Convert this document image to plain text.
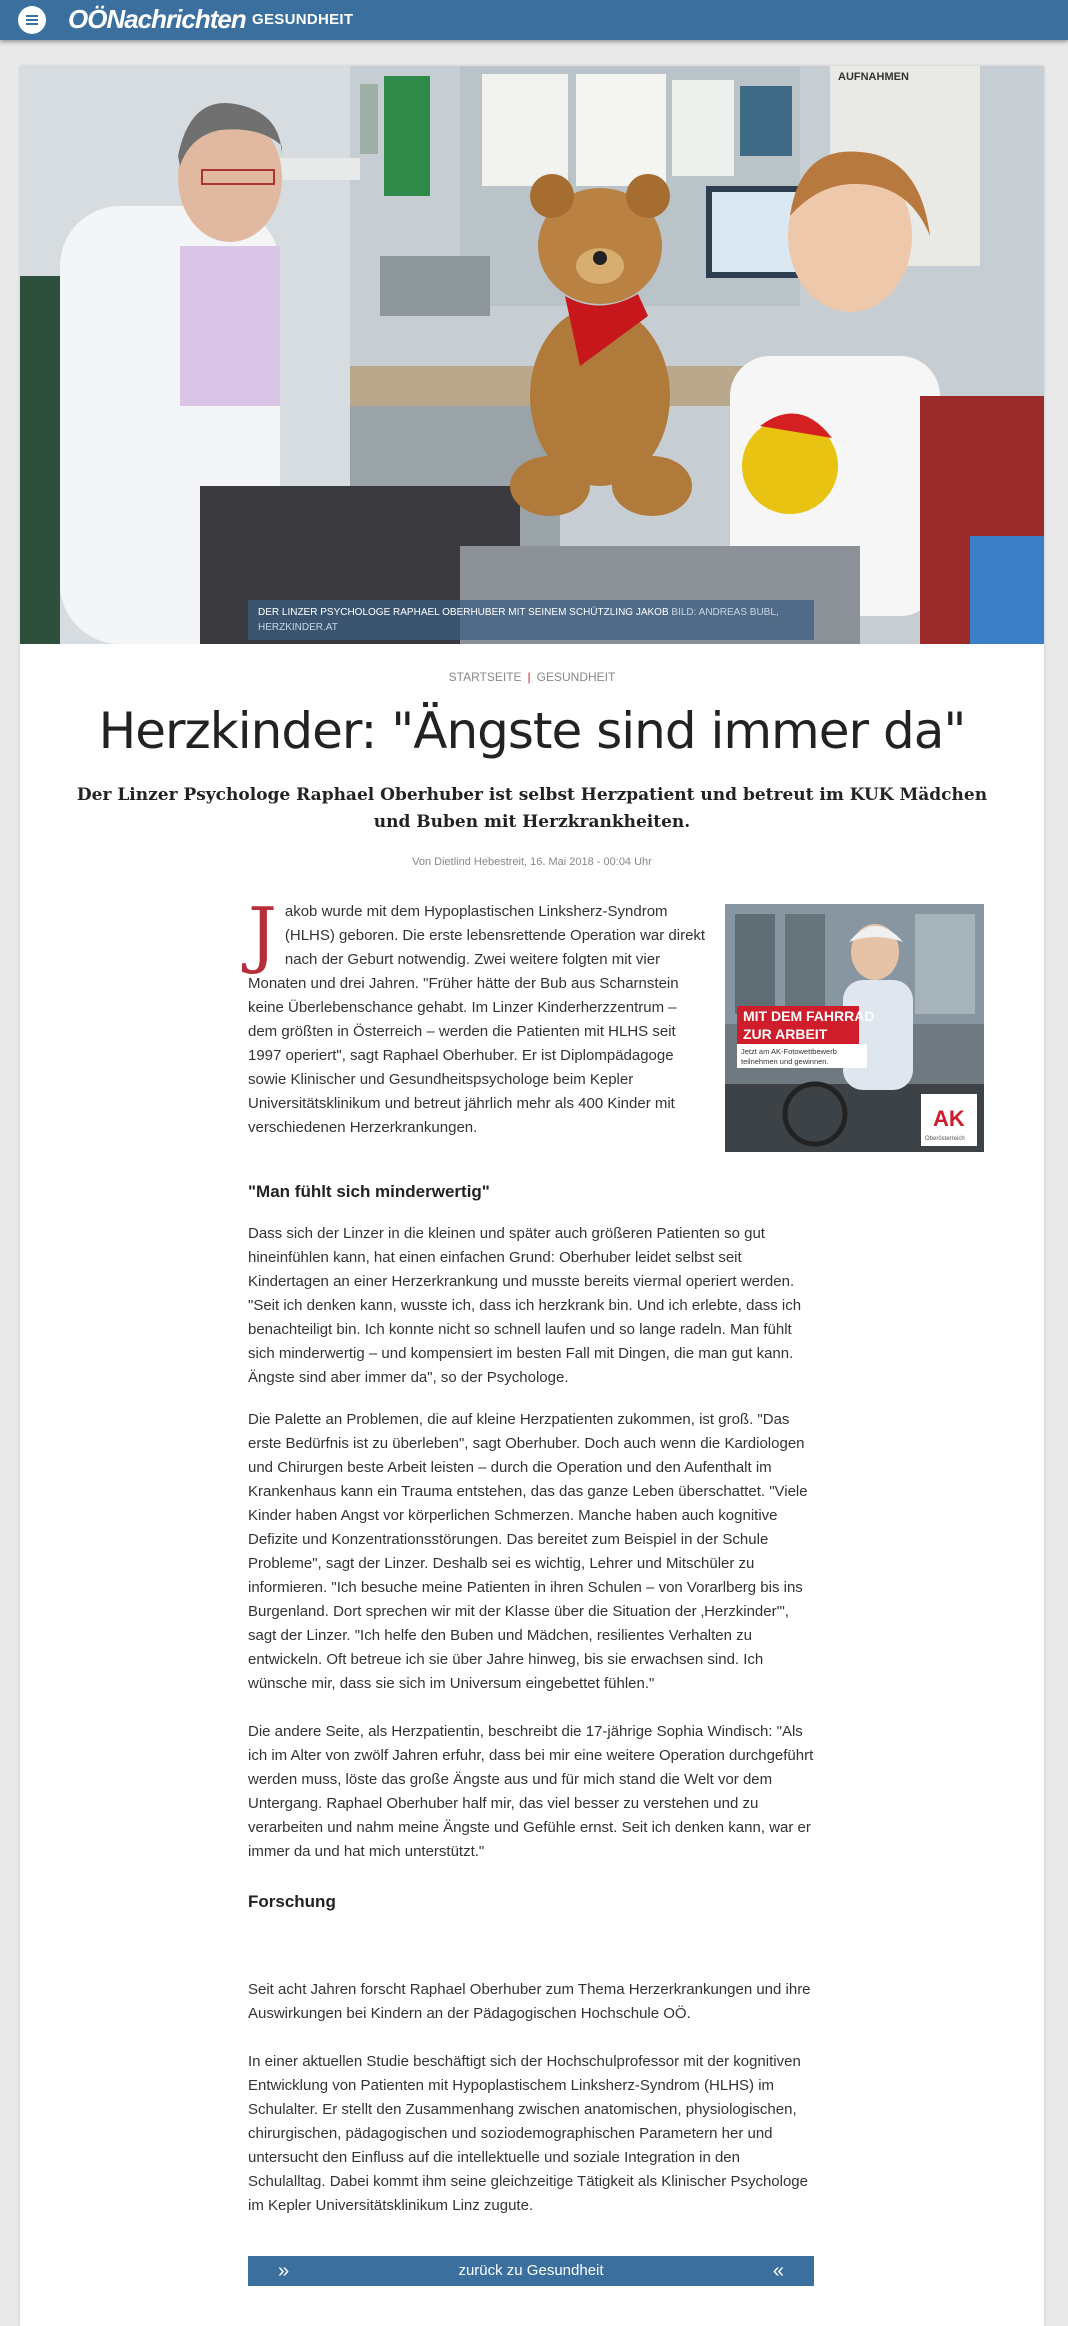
OÖNachrichten GESUNDHEIT
AUFNAHMEN
DER LINZER PSYCHOLOGE RAPHAEL OBERHUBER MIT SEINEM SCHÜTZLING JAKOB BILD: ANDREAS BUBL, HERZKINDER.AT
STARTSEITE | GESUNDHEIT
Herzkinder: "Ängste sind immer da"

Der Linzer Psychologe Raphael Oberhuber ist selbst Herzpatient und betreut im KUK Mädchen und Buben mit Herzkrankheiten.

Von Dietlind Hebestreit, 16. Mai 2018 - 00:04 Uhr
MIT DEM FAHRRAD
ZUR ARBEIT
Jetzt am AK-Fotowettbewerb
teilnehmen und gewinnen.
AK
Oberösterreich

Jakob wurde mit dem Hypoplastischen Linksherz-Syndrom (HLHS) geboren. Die erste lebensrettende Operation war direkt nach der Geburt notwendig. Zwei weitere folgten mit vier Monaten und drei Jahren. "Früher hätte der Bub aus Scharnstein keine Überlebenschance gehabt. Im Linzer Kinderherzzentrum – dem größten in Österreich – werden die Patienten mit HLHS seit 1997 operiert", sagt Raphael Oberhuber. Er ist Diplompädagoge sowie Klinischer und Gesundheitspsychologe beim Kepler Universitätsklinikum und betreut jährlich mehr als 400 Kinder mit verschiedenen Herzerkrankungen.

"Man fühlt sich minderwertig"
Dass sich der Linzer in die kleinen und später auch größeren Patienten so gut hineinfühlen kann, hat einen einfachen Grund: Oberhuber leidet selbst seit Kindertagen an einer Herzerkrankung und musste bereits viermal operiert werden. "Seit ich denken kann, wusste ich, dass ich herzkrank bin. Und ich erlebte, dass ich benachteiligt bin. Ich konnte nicht so schnell laufen und so lange radeln. Man fühlt sich minderwertig – und kompensiert im besten Fall mit Dingen, die man gut kann. Ängste sind aber immer da", so der Psychologe.
Die Palette an Problemen, die auf kleine Herzpatienten zukommen, ist groß. "Das erste Bedürfnis ist zu überleben", sagt Oberhuber. Doch auch wenn die Kardiologen und Chirurgen beste Arbeit leisten – durch die Operation und den Aufenthalt im Krankenhaus kann ein Trauma entstehen, das das ganze Leben überschattet. "Viele Kinder haben Angst vor körperlichen Schmerzen. Manche haben auch kognitive Defizite und Konzentrationsstörungen. Das bereitet zum Beispiel in der Schule Probleme", sagt der Linzer. Deshalb sei es wichtig, Lehrer und Mitschüler zu informieren. "Ich besuche meine Patienten in ihren Schulen – von Vorarlberg bis ins Burgenland. Dort sprechen wir mit der Klasse über die Situation der ‚Herzkinder'", sagt der Linzer. "Ich helfe den Buben und Mädchen, resilientes Verhalten zu entwickeln. Oft betreue ich sie über Jahre hinweg, bis sie erwachsen sind. Ich wünsche mir, dass sie sich im Universum eingebettet fühlen."
Die andere Seite, als Herzpatientin, beschreibt die 17-jährige Sophia Windisch: "Als ich im Alter von zwölf Jahren erfuhr, dass bei mir eine weitere Operation durchgeführt werden muss, löste das große Ängste aus und für mich stand die Welt vor dem Untergang. Raphael Oberhuber half mir, das viel besser zu verstehen und zu verarbeiten und nahm meine Ängste und Gefühle ernst. Seit ich denken kann, war er immer da und hat mich unterstützt."
Forschung
Seit acht Jahren forscht Raphael Oberhuber zum Thema Herzerkrankungen und ihre Auswirkungen bei Kindern an der Pädagogischen Hochschule OÖ.
In einer aktuellen Studie beschäftigt sich der Hochschulprofessor mit der kognitiven Entwicklung von Patienten mit Hypoplastischem Linksherz-Syndrom (HLHS) im Schulalter. Er stellt den Zusammenhang zwischen anatomischen, physiologischen, chirurgischen, pädagogischen und soziodemographischen Parametern her und untersucht den Einfluss auf die intellektuelle und soziale Integration in den Schulalltag. Dabei kommt ihm seine gleichzeitige Tätigkeit als Klinischer Psychologe im Kepler Universitätsklinikum Linz zugute.
»	zurück zu Gesundheit	«
